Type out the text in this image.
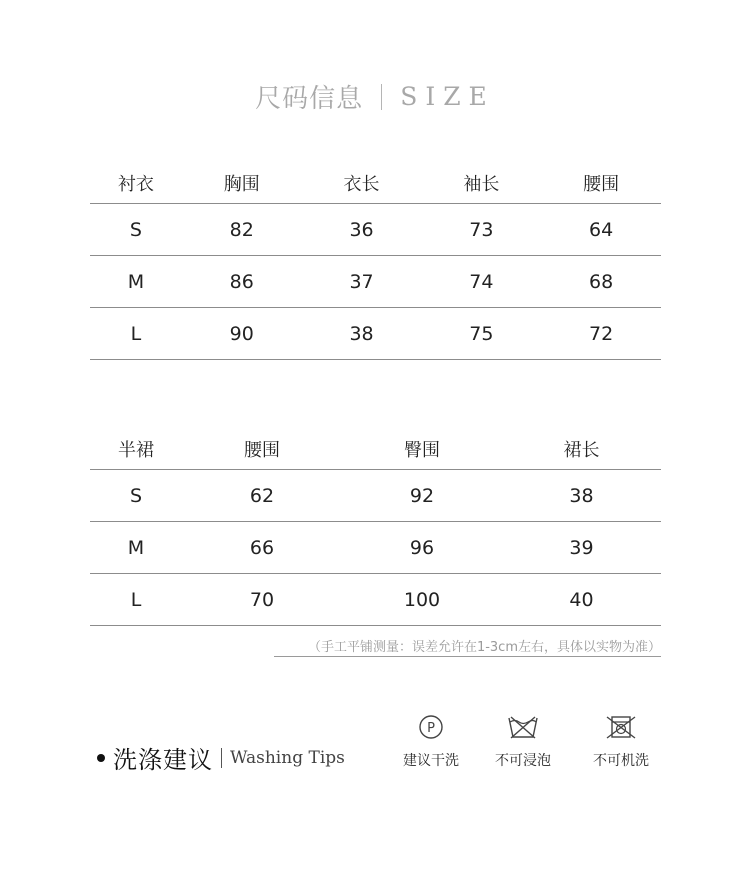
尺码信息 SIZE
衬衣	胸围	衣长	袖长	腰围
S	82	36	73	64
M	86	37	74	68
L	90	38	75	72
半裙	腰围	臀围	裙长
S	62	92	38
M	66	96	39
L	70	100	40
（手工平铺测量：误差允许在1-3cm左右，具体以实物为准）
洗涤建议 Washing Tips
P
建议干洗	不可浸泡	不可机洗
